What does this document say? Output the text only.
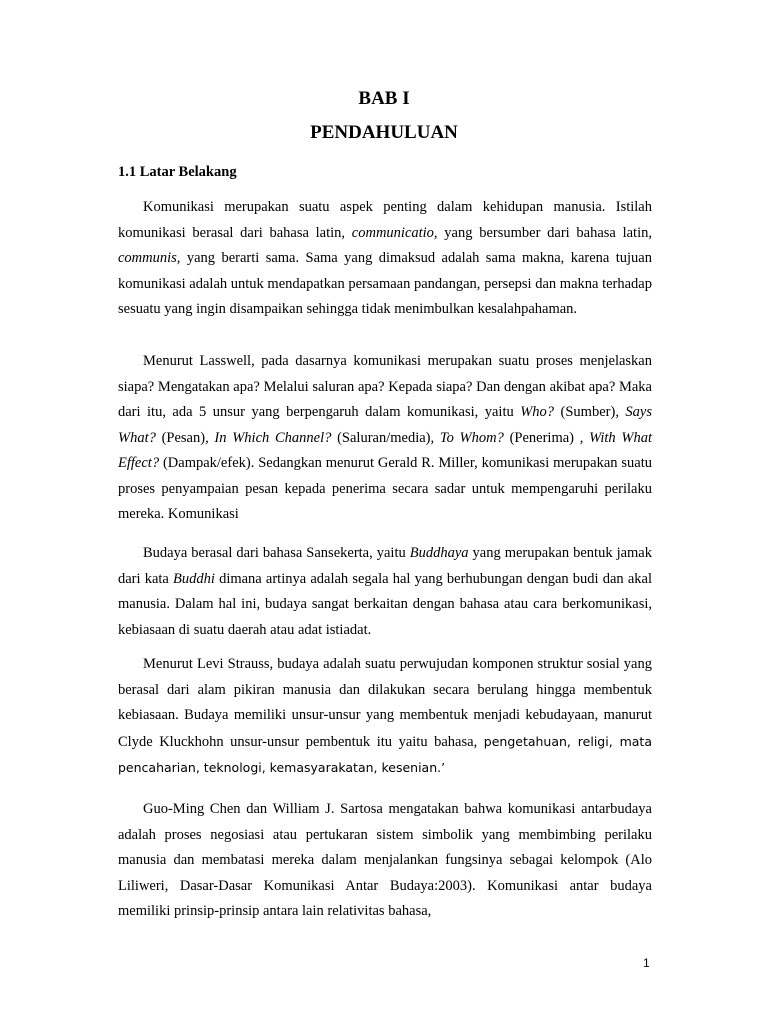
BAB I
PENDAHULUAN
1.1 Latar Belakang

Komunikasi merupakan suatu aspek penting dalam kehidupan manusia. Istilah komunikasi berasal dari bahasa latin, communicatio, yang bersumber dari bahasa latin, communis, yang berarti sama. Sama yang dimaksud adalah sama makna, karena tujuan komunikasi adalah untuk mendapatkan persamaan pandangan, persepsi dan makna terhadap sesuatu yang ingin disampaikan sehingga tidak menimbulkan kesalahpahaman.

Menurut Lasswell, pada dasarnya komunikasi merupakan suatu proses menjelaskan siapa? Mengatakan apa? Melalui saluran apa? Kepada siapa? Dan dengan akibat apa? Maka dari itu, ada 5 unsur yang berpengaruh dalam komunikasi, yaitu Who? (Sumber), Says What? (Pesan), In Which Channel? (Saluran/media), To Whom? (Penerima) , With What Effect? (Dampak/efek). Sedangkan menurut Gerald R. Miller, komunikasi merupakan suatu proses penyampaian pesan kepada penerima secara sadar untuk mempengaruhi perilaku mereka. Komunikasi

Budaya berasal dari bahasa Sansekerta, yaitu Buddhaya yang merupakan bentuk jamak dari kata Buddhi dimana artinya adalah segala hal yang berhubungan dengan budi dan akal manusia. Dalam hal ini, budaya sangat berkaitan dengan bahasa atau cara berkomunikasi, kebiasaan di suatu daerah atau adat istiadat.

Menurut Levi Strauss, budaya adalah suatu perwujudan komponen struktur sosial yang berasal dari alam pikiran manusia dan dilakukan secara berulang hingga membentuk kebiasaan. Budaya memiliki unsur-unsur yang membentuk menjadi kebudayaan, manurut Clyde Kluckhohn unsur-unsur pembentuk itu yaitu bahasa, pengetahuan, religi, mata pencaharian, teknologi, kemasyarakatan, kesenian.’

Guo-Ming Chen dan William J. Sartosa mengatakan bahwa komunikasi antarbudaya adalah proses negosiasi atau pertukaran sistem simbolik yang membimbing perilaku manusia dan membatasi mereka dalam menjalankan fungsinya sebagai kelompok (Alo Liliweri, Dasar-Dasar Komunikasi Antar Budaya:2003). Komunikasi antar budaya memiliki prinsip-prinsip antara lain relativitas bahasa,

1
